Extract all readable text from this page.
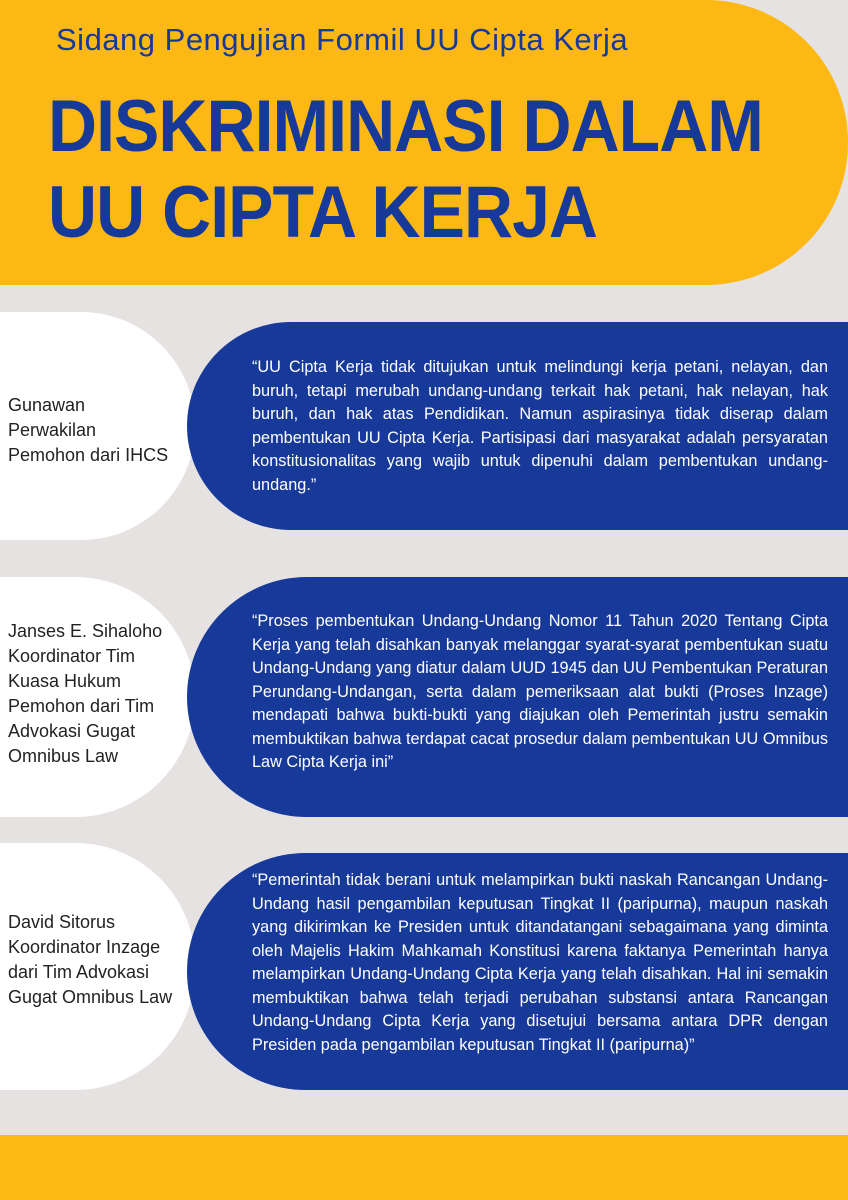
Sidang Pengujian Formil UU Cipta Kerja
DISKRIMINASI DALAM
UU CIPTA KERJA
Gunawan
Perwakilan
Pemohon dari IHCS
“UU Cipta Kerja tidak ditujukan untuk melindungi kerja petani, nelayan, dan buruh, tetapi merubah undang-undang terkait hak petani, hak nelayan, hak buruh, dan hak atas Pendidikan. Namun aspirasinya tidak diserap dalam pembentukan UU Cipta Kerja. Partisipasi dari masyarakat adalah persyaratan konstitusionalitas yang wajib untuk dipenuhi dalam pembentukan undang-undang.”
Janses E. Sihaloho
Koordinator Tim
Kuasa Hukum
Pemohon dari Tim
Advokasi Gugat
Omnibus Law
“Proses pembentukan Undang-Undang Nomor 11 Tahun 2020 Tentang Cipta Kerja yang telah disahkan banyak melanggar syarat-syarat pembentukan suatu Undang-Undang yang diatur dalam UUD 1945 dan UU Pembentukan Peraturan Perundang-Undangan, serta dalam pemeriksaan alat bukti (Proses Inzage) mendapati bahwa bukti-bukti yang diajukan oleh Pemerintah justru semakin membuktikan bahwa terdapat cacat prosedur dalam pembentukan UU Omnibus Law Cipta Kerja ini”
David Sitorus
Koordinator Inzage
dari Tim Advokasi
Gugat Omnibus Law
“Pemerintah tidak berani untuk melampirkan bukti naskah Rancangan Undang-Undang hasil pengambilan keputusan Tingkat II (paripurna), maupun naskah yang dikirimkan ke Presiden untuk ditandatangani sebagaimana yang diminta oleh Majelis Hakim Mahkamah Konstitusi karena faktanya Pemerintah hanya melampirkan Undang-Undang Cipta Kerja yang telah disahkan. Hal ini semakin membuktikan bahwa telah terjadi perubahan substansi antara Rancangan Undang-Undang Cipta Kerja yang disetujui bersama antara DPR dengan Presiden pada pengambilan keputusan Tingkat II (paripurna)”
